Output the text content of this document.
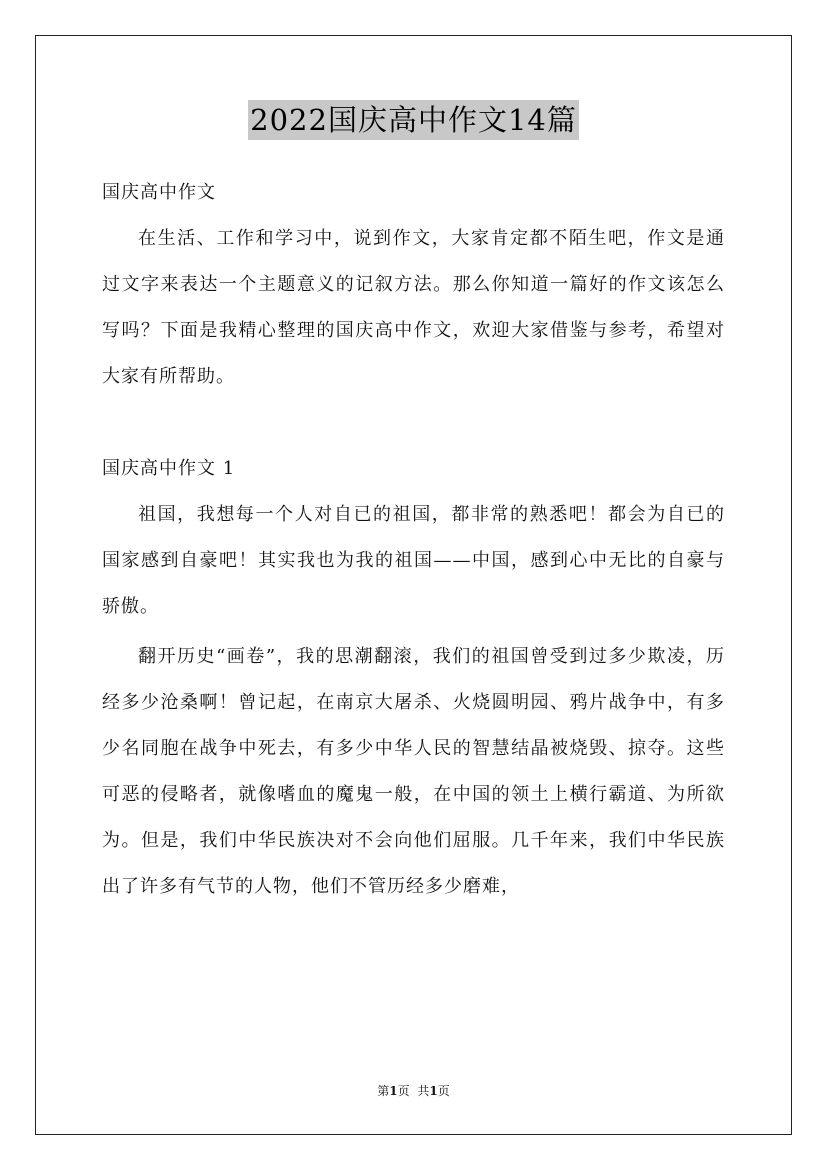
2022国庆高中作文14篇

国庆高中作文

在生活、工作和学习中，说到作文，大家肯定都不陌生吧，作文是通过文字来表达一个主题意义的记叙方法。那么你知道一篇好的作文该怎么写吗？下面是我精心整理的国庆高中作文，欢迎大家借鉴与参考，希望对大家有所帮助。

国庆高中作文 1

祖国，我想每一个人对自已的祖国，都非常的熟悉吧！都会为自已的国家感到自豪吧！其实我也为我的祖国——中国，感到心中无比的自豪与骄傲。

翻开历史“画卷”，我的思潮翻滚，我们的祖国曾受到过多少欺凌，历经多少沧桑啊！曾记起，在南京大屠杀、火烧圆明园、鸦片战争中，有多少名同胞在战争中死去，有多少中华人民的智慧结晶被烧毁、掠夺。这些可恶的侵略者，就像嗜血的魔鬼一般，在中国的领土上横行霸道、为所欲为。但是，我们中华民族决对不会向他们屈服。几千年来，我们中华民族出了许多有气节的人物，他们不管历经多少磨难，

第1页 共1页
